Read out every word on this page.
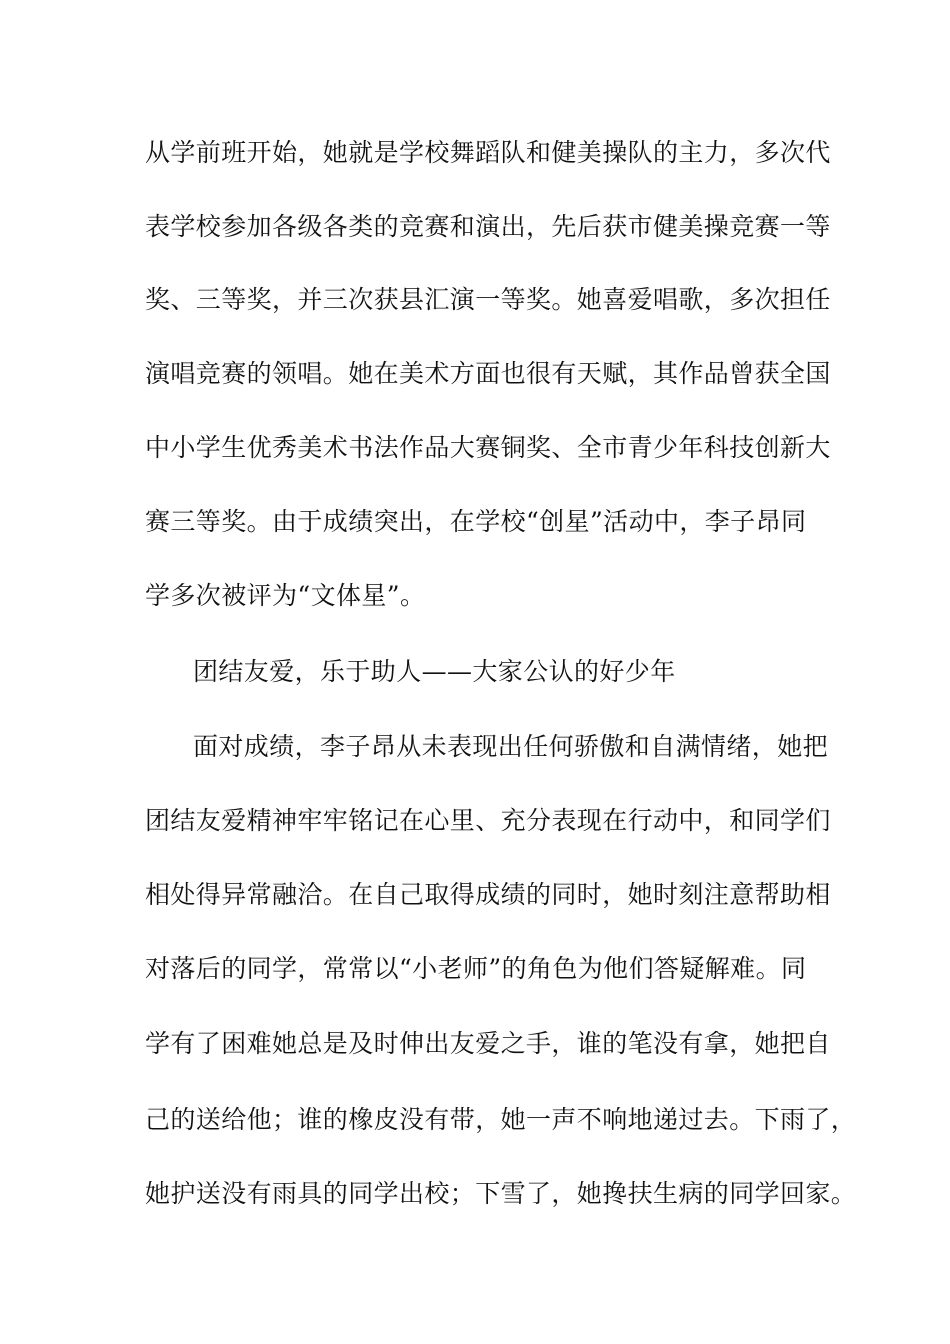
从学前班开始，她就是学校舞蹈队和健美操队的主力，多次代
表学校参加各级各类的竞赛和演出，先后获市健美操竞赛一等
奖、三等奖，并三次获县汇演一等奖。她喜爱唱歌，多次担任
演唱竞赛的领唱。她在美术方面也很有天赋，其作品曾获全国
中小学生优秀美术书法作品大赛铜奖、全市青少年科技创新大
赛三等奖。由于成绩突出，在学校“创星”活动中，李子昂同
学多次被评为“文体星”。
团结友爱，乐于助人——大家公认的好少年
面对成绩，李子昂从未表现出任何骄傲和自满情绪，她把
团结友爱精神牢牢铭记在心里、充分表现在行动中，和同学们
相处得异常融洽。在自己取得成绩的同时，她时刻注意帮助相
对落后的同学，常常以“小老师”的角色为他们答疑解难。同
学有了困难她总是及时伸出友爱之手，谁的笔没有拿，她把自
己的送给他；谁的橡皮没有带，她一声不响地递过去。下雨了，
她护送没有雨具的同学出校；下雪了，她搀扶生病的同学回家。
